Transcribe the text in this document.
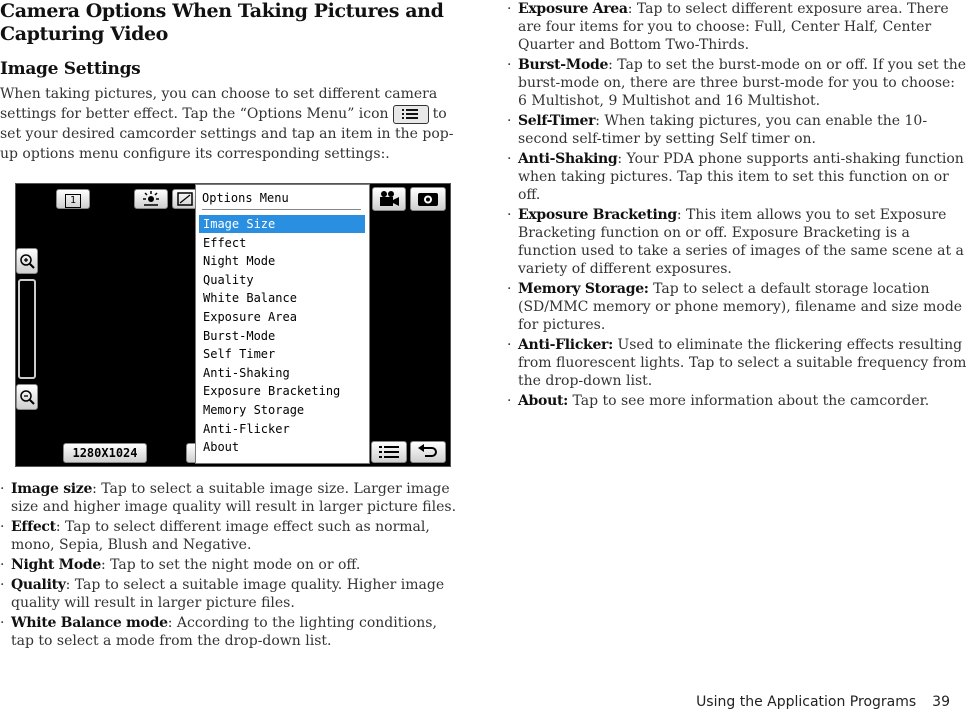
Camera Options When Taking Pictures and Capturing Video
Image Settings

When taking pictures, you can choose to set different camera settings for better effect. Tap the “Options Menu” icon	to set your desired camcorder settings and tap an item in the pop-up options menu configure its corresponding settings:.

1
1280X1024
Options Menu
Image Size
Effect
Night Mode
Quality
White Balance
Exposure Area
Burst-Mode
Self Timer
Anti-Shaking
Exposure Bracketing
Memory Storage
Anti-Flicker
About
· Image size: Tap to select a suitable image size. Larger image size and higher image quality will result in larger picture files.
· Effect: Tap to select different image effect such as normal, mono, Sepia, Blush and Negative.
· Night Mode: Tap to set the night mode on or off.
· Quality: Tap to select a suitable image quality. Higher image quality will result in larger picture files.
· White Balance mode: According to the lighting conditions, tap to select a mode from the drop-down list.
· Exposure Area: Tap to select different exposure area. There are four items for you to choose: Full, Center Half, Center Quarter and Bottom Two-Thirds.
· Burst-Mode: Tap to set the burst-mode on or off. If you set the burst-mode on, there are three burst-mode for you to choose: 6 Multishot, 9 Multishot and 16 Multishot.
· Self-Timer: When taking pictures, you can enable the 10-second self-timer by setting Self timer on.
· Anti-Shaking: Your PDA phone supports anti-shaking function when taking pictures. Tap this item to set this function on or off.
· Exposure Bracketing: This item allows you to set Exposure Bracketing function on or off. Exposure Bracketing is a function used to take a series of images of the same scene at a variety of different exposures.
· Memory Storage: Tap to select a default storage location (SD/MMC memory or phone memory), filename and size mode for pictures.
· Anti-Flicker: Used to eliminate the flickering effects resulting from fluorescent lights. Tap to select a suitable frequency from the drop-down list.
· About: Tap to see more information about the camcorder.
Using the Application Programs 39
